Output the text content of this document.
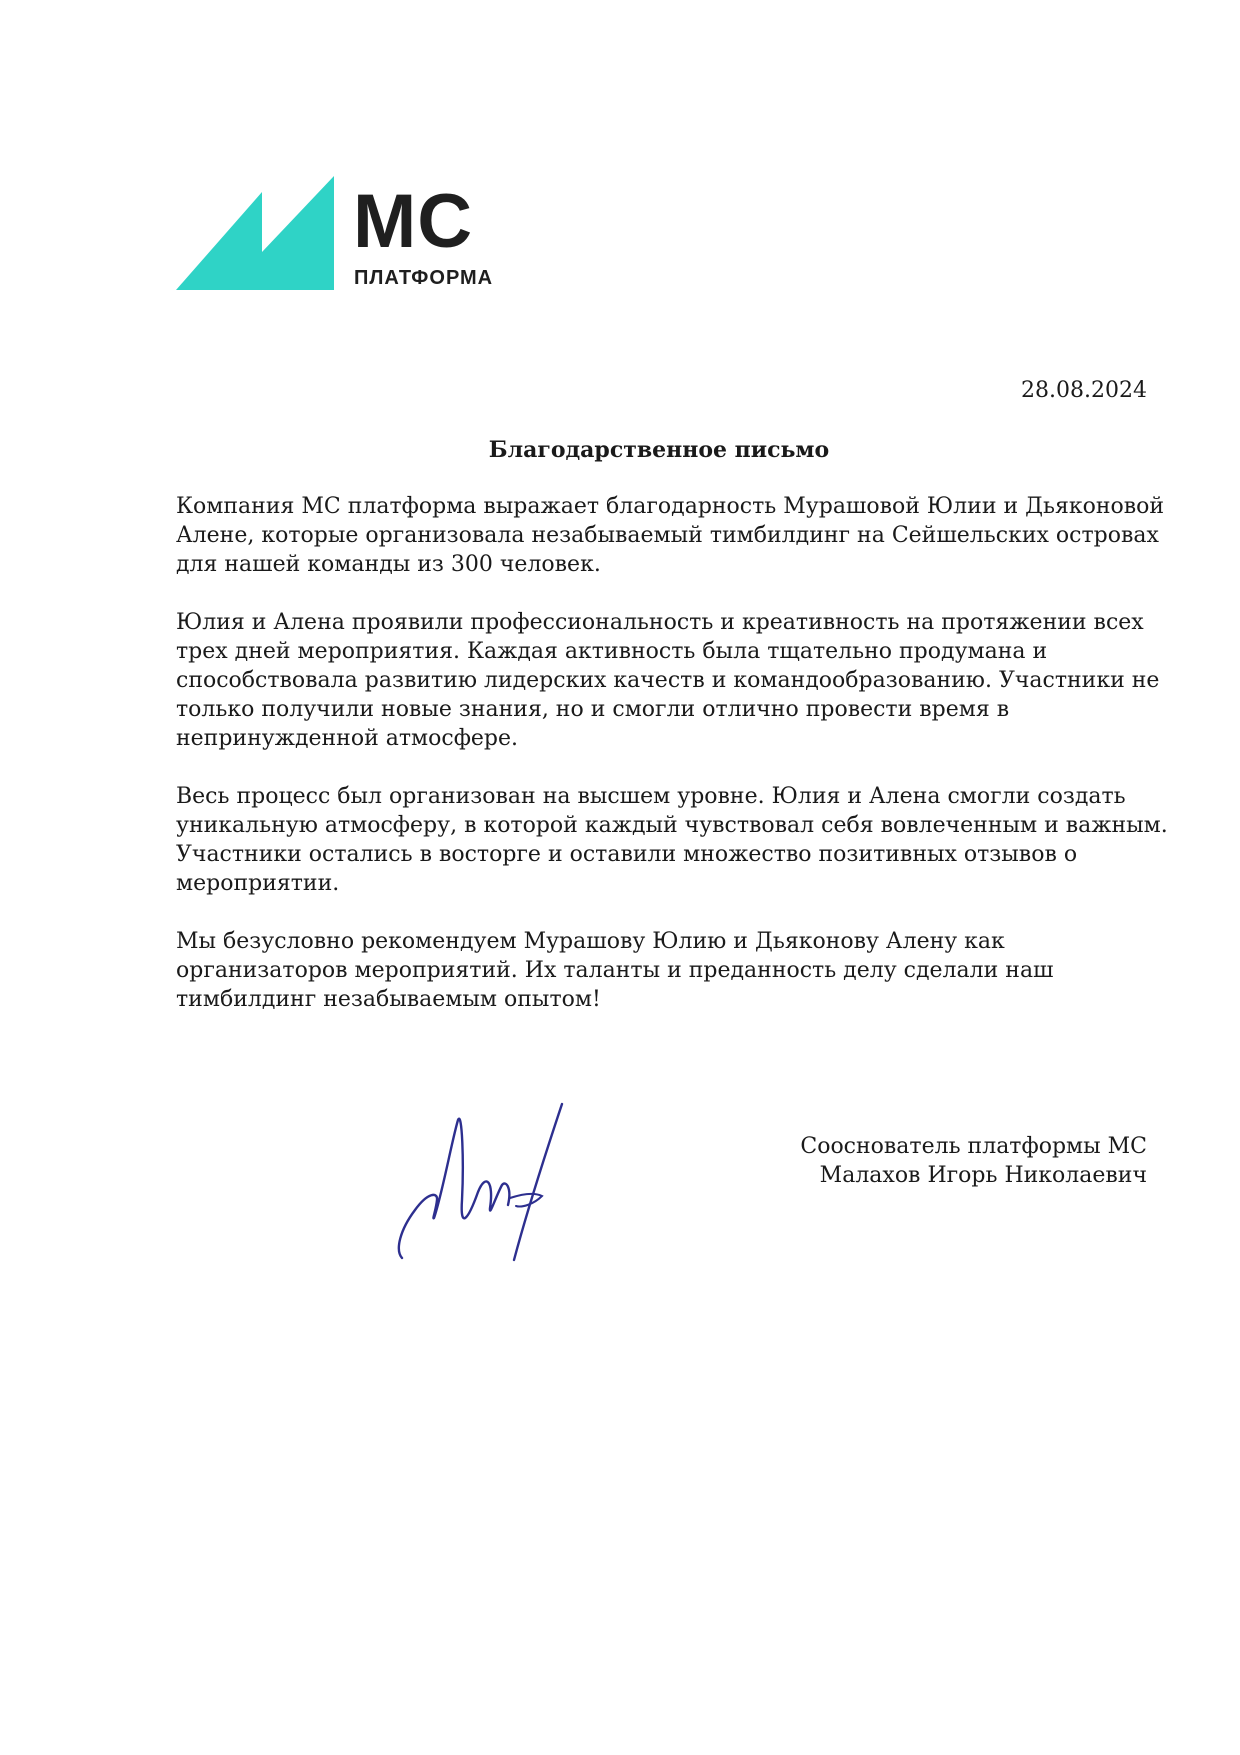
МС
ПЛАТФОРМА
28.08.2024
Благодарственное письмо

Компания МС платформа выражает благодарность Мурашовой Юлии и Дьяконовой
Алене, которые организовала незабываемый тимбилдинг на Сейшельских островах
для нашей команды из 300 человек.

Юлия и Алена проявили профессиональность и креативность на протяжении всех
трех дней мероприятия. Каждая активность была тщательно продумана и
способствовала развитию лидерских качеств и командообразованию. Участники не
только получили новые знания, но и смогли отлично провести время в
непринужденной атмосфере.

Весь процесс был организован на высшем уровне. Юлия и Алена смогли создать
уникальную атмосферу, в которой каждый чувствовал себя вовлеченным и важным.
Участники остались в восторге и оставили множество позитивных отзывов о
мероприятии.

Мы безусловно рекомендуем Мурашову Юлию и Дьяконову Алену как
организаторов мероприятий. Их таланты и преданность делу сделали наш
тимбилдинг незабываемым опытом!

Сооснователь платформы МС
Малахов Игорь Николаевич
